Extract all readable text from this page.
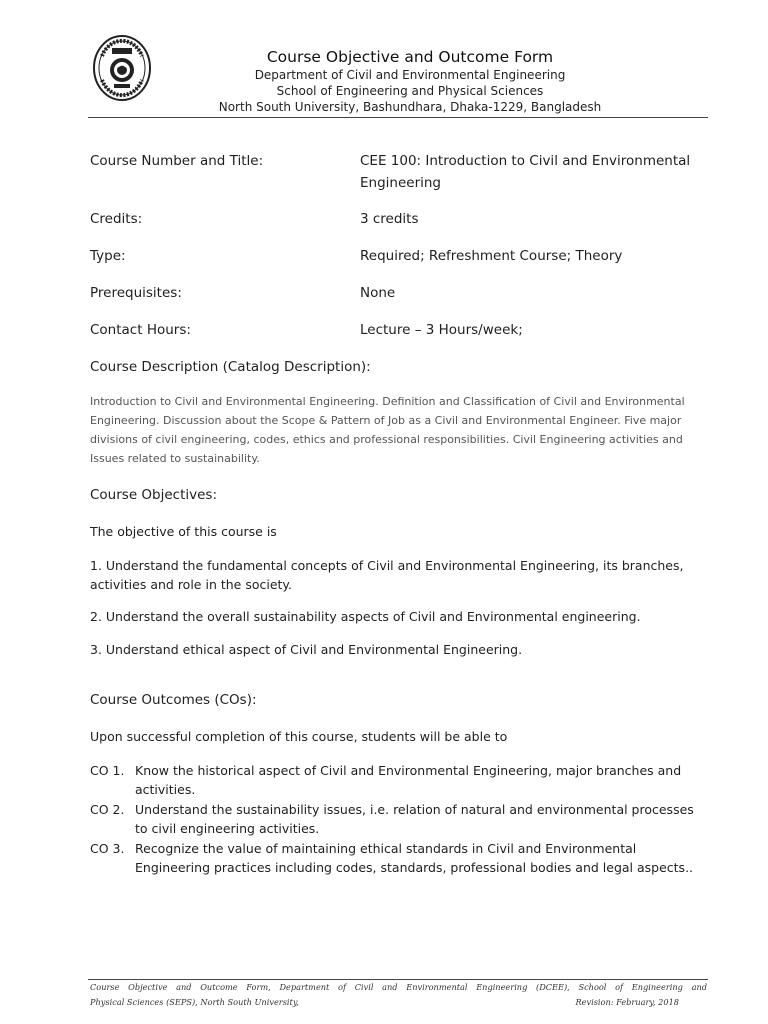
Course Objective and Outcome Form
Department of Civil and Environmental Engineering
School of Engineering and Physical Sciences
North South University, Bashundhara, Dhaka-1229, Bangladesh
Course Number and Title:	CEE 100: Introduction to Civil and Environmental Engineering
Credits:	3 credits
Type:	Required; Refreshment Course; Theory
Prerequisites:	None
Contact Hours:	Lecture – 3 Hours/week;
Course Description (Catalog Description):
Introduction to Civil and Environmental Engineering. Definition and Classification of Civil and Environmental Engineering. Discussion about the Scope & Pattern of Job as a Civil and Environmental Engineer. Five major divisions of civil engineering, codes, ethics and professional responsibilities. Civil Engineering activities and Issues related to sustainability.
Course Objectives:
The objective of this course is
1. Understand the fundamental concepts of Civil and Environmental Engineering, its branches, activities and role in the society.
2. Understand the overall sustainability aspects of Civil and Environmental engineering.
3. Understand ethical aspect of Civil and Environmental Engineering.
Course Outcomes (COs):
Upon successful completion of this course, students will be able to
CO 1. Know the historical aspect of Civil and Environmental Engineering, major branches and activities.
CO 2. Understand the sustainability issues, i.e. relation of natural and environmental processes to civil engineering activities.
CO 3. Recognize the value of maintaining ethical standards in Civil and Environmental Engineering practices including codes, standards, professional bodies and legal aspects..
Course Objective and Outcome Form, Department of Civil and Environmental Engineering (DCEE), School of Engineering and
Physical Sciences (SEPS), North South University,	Revision: February, 2018
